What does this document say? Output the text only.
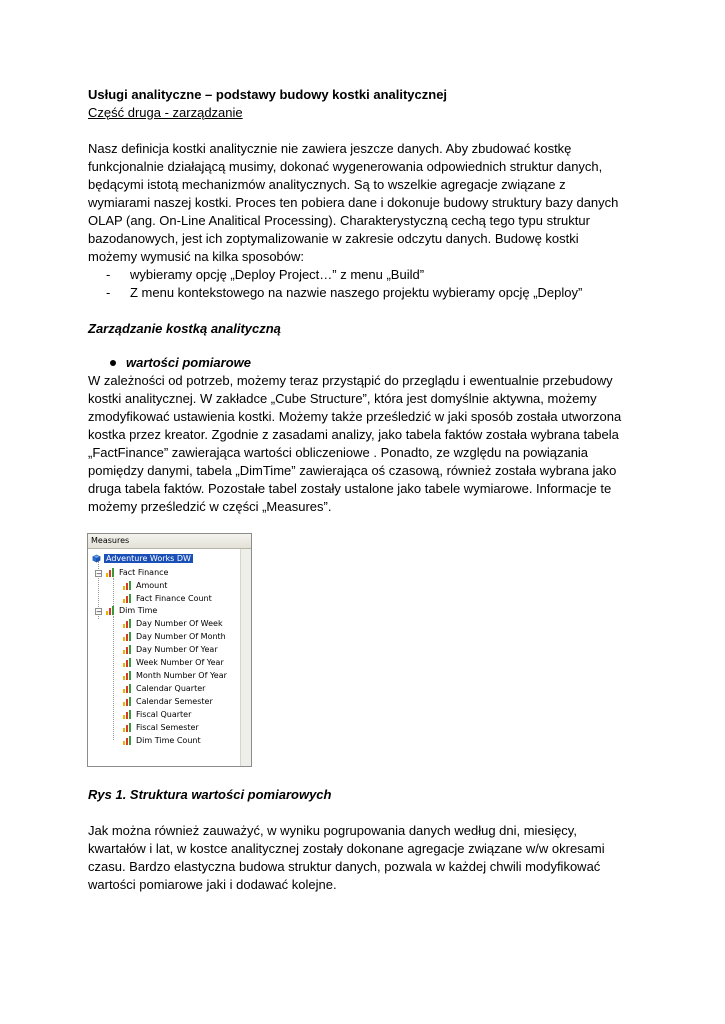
Usługi analityczne – podstawy budowy kostki analitycznej
Część druga - zarządzanie

Nasz definicja kostki analitycznie nie zawiera jeszcze danych. Aby zbudować kostkę

funkcjonalnie działającą musimy, dokonać wygenerowania odpowiednich struktur danych,

będącymi istotą mechanizmów analitycznych. Są to wszelkie agregacje związane z

wymiarami naszej kostki. Proces ten pobiera dane i dokonuje budowy struktury bazy danych

OLAP (ang. On-Line Analitical Processing). Charakterystyczną cechą tego typu struktur

bazodanowych, jest ich zoptymalizowanie w zakresie odczytu danych. Budowę kostki

możemy wymusić na kilka sposobów:

- wybieramy opcję „Deploy Project…” z menu „Build”
- Z menu kontekstowego na nazwie naszego projektu wybieramy opcję „Deploy”
Zarządzanie kostką analityczną
wartości pomiarowe

W zależności od potrzeb, możemy teraz przystąpić do przeglądu i ewentualnie przebudowy

kostki analitycznej. W zakładce „Cube Structure”, która jest domyślnie aktywna, możemy

zmodyfikować ustawienia kostki. Możemy także prześledzić w jaki sposób została utworzona

kostka przez kreator. Zgodnie z zasadami analizy, jako tabela faktów została wybrana tabela

„FactFinance” zawierająca wartości obliczeniowe . Ponadto, ze względu na powiązania

pomiędzy danymi, tabela „DimTime” zawierająca oś czasową, również została wybrana jako

druga tabela faktów. Pozostałe tabel zostały ustalone jako tabele wymiarowe. Informacje te

możemy prześledzić w części „Measures”.

Measures
Adventure Works DW
−	Fact Finance
Amount
Fact Finance Count
−	Dim Time
Day Number Of Week
Day Number Of Month
Day Number Of Year
Week Number Of Year
Month Number Of Year
Calendar Quarter
Calendar Semester
Fiscal Quarter
Fiscal Semester
Dim Time Count
Rys 1. Struktura wartości pomiarowych

Jak można również zauważyć, w wyniku pogrupowania danych według dni, miesięcy,

kwartałów i lat, w kostce analitycznej zostały dokonane agregacje związane w/w okresami

czasu. Bardzo elastyczna budowa struktur danych, pozwala w każdej chwili modyfikować

wartości pomiarowe jaki i dodawać kolejne.
